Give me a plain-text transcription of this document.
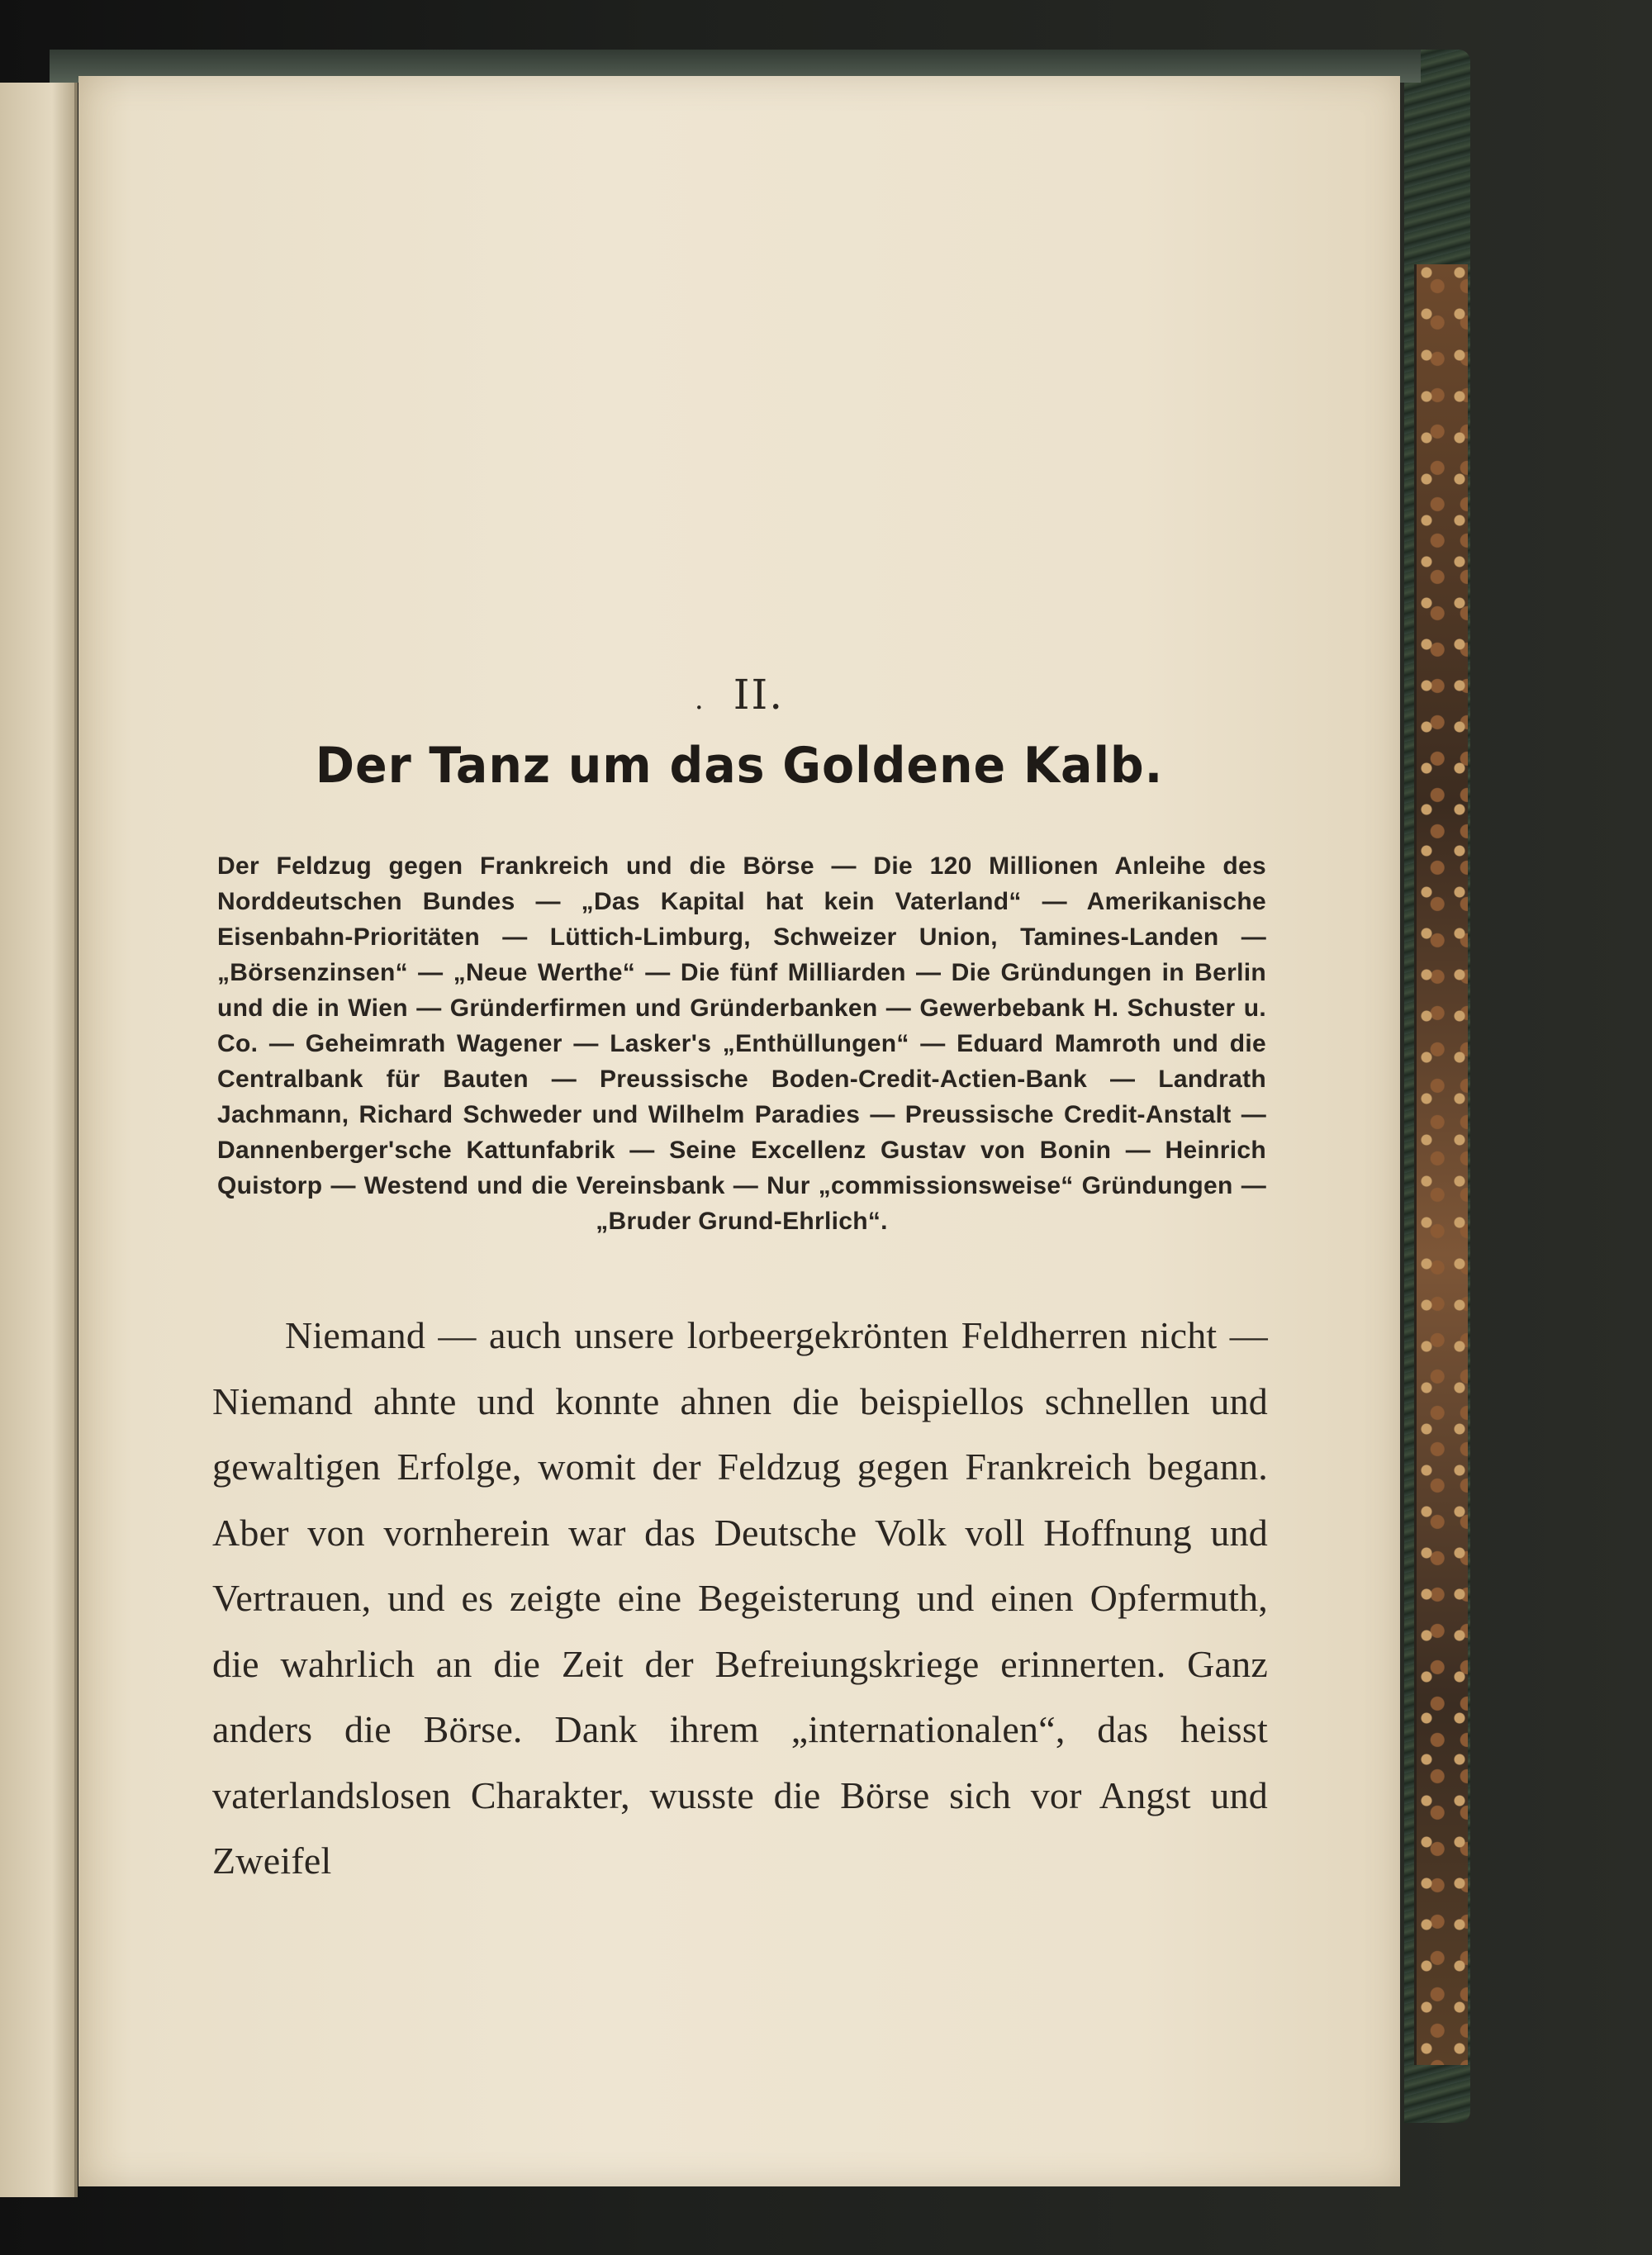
. II.
Der Tanz um das Goldene Kalb.
Der Feldzug gegen Frankreich und die Börse — Die 120 Millionen Anleihe des Norddeutschen Bundes — „Das Kapital hat kein Vaterland“ — Amerikanische Eisenbahn-Prioritäten — Lüttich-Limburg, Schweizer Union, Tamines-Landen — „Börsenzinsen“ — „Neue Werthe“ — Die fünf Milliarden — Die Gründungen in Berlin und die in Wien — Gründerfirmen und Gründerbanken — Gewerbebank H. Schuster u. Co. — Geheimrath Wagener — Lasker's „Enthüllungen“ — Eduard Mamroth und die Centralbank für Bauten — Preussische Boden-Credit-Actien-Bank — Landrath Jachmann, Richard Schweder und Wilhelm Paradies — Preussische Credit-Anstalt — Dannenberger'sche Kattunfabrik — Seine Excellenz Gustav von Bonin — Heinrich Quistorp — Westend und die Vereinsbank — Nur „commissionsweise“ Gründungen — „Bruder Grund-Ehrlich“.

Niemand — auch unsere lorbeergekrönten Feldherren nicht — Niemand ahnte und konnte ahnen die beispiellos schnellen und gewaltigen Erfolge, womit der Feldzug gegen Frankreich begann. Aber von vornherein war das Deutsche Volk voll Hoffnung und Vertrauen, und es zeigte eine Begeisterung und einen Opfermuth, die wahrlich an die Zeit der Befreiungskriege erinnerten. Ganz anders die Börse. Dank ihrem „internationalen“, das heisst vaterlandslosen Charakter, wusste die Börse sich vor Angst und Zweifel
